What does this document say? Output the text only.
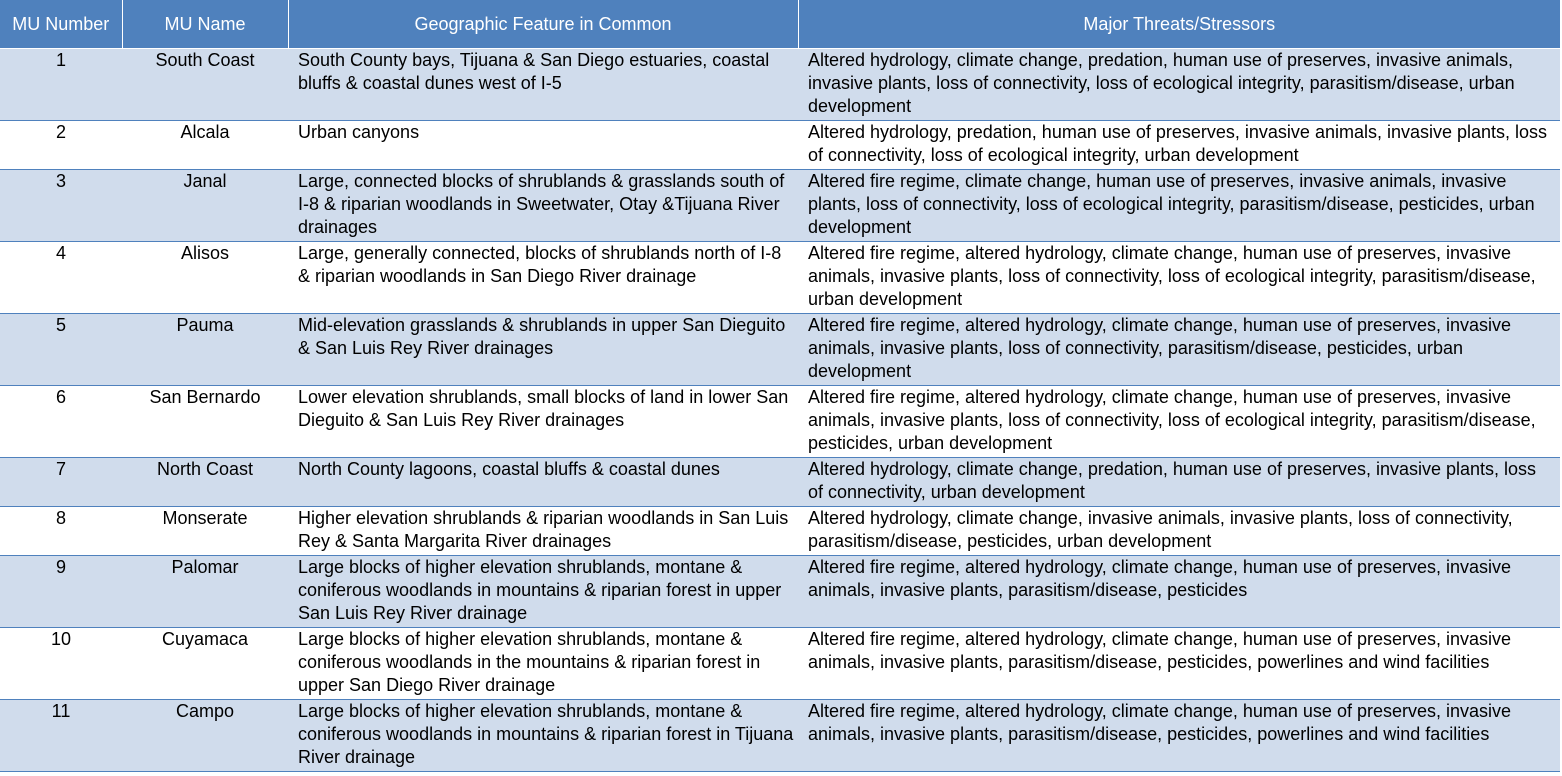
MU Number	MU Name	Geographic Feature in Common	Major Threats/Stressors
1	South Coast	South County bays, Tijuana & San Diego estuaries, coastal bluffs & coastal dunes west of I-5	Altered hydrology, climate change, predation, human use of preserves, invasive animals, invasive plants, loss of connectivity, loss of ecological integrity, parasitism/disease, urban development
2	Alcala	Urban canyons	Altered hydrology, predation, human use of preserves, invasive animals, invasive plants, loss of connectivity, loss of ecological integrity, urban development
3	Janal	Large, connected blocks of shrublands & grasslands south of I-8 & riparian woodlands in Sweetwater, Otay &Tijuana River drainages	Altered fire regime, climate change, human use of preserves, invasive animals, invasive plants, loss of connectivity, loss of ecological integrity, parasitism/disease, pesticides, urban development
4	Alisos	Large, generally connected, blocks of shrublands north of I-8 & riparian woodlands in San Diego River drainage	Altered fire regime, altered hydrology, climate change, human use of preserves, invasive animals, invasive plants, loss of connectivity, loss of ecological integrity, parasitism/disease, urban development
5	Pauma	Mid-elevation grasslands & shrublands in upper San Dieguito & San Luis Rey River drainages	Altered fire regime, altered hydrology, climate change, human use of preserves, invasive animals, invasive plants, loss of connectivity, parasitism/disease, pesticides, urban development
6	San Bernardo	Lower elevation shrublands, small blocks of land in lower San Dieguito & San Luis Rey River drainages	Altered fire regime, altered hydrology, climate change, human use of preserves, invasive animals, invasive plants, loss of connectivity, loss of ecological integrity, parasitism/disease, pesticides, urban development
7	North Coast	North County lagoons, coastal bluffs & coastal dunes	Altered hydrology, climate change, predation, human use of preserves, invasive plants, loss of connectivity, urban development
8	Monserate	Higher elevation shrublands & riparian woodlands in San Luis Rey & Santa Margarita River drainages	Altered hydrology, climate change, invasive animals, invasive plants, loss of connectivity, parasitism/disease, pesticides, urban development
9	Palomar	Large blocks of higher elevation shrublands, montane & coniferous woodlands in mountains & riparian forest in upper San Luis Rey River drainage	Altered fire regime, altered hydrology, climate change, human use of preserves, invasive animals, invasive plants, parasitism/disease, pesticides
10	Cuyamaca	Large blocks of higher elevation shrublands, montane & coniferous woodlands in the mountains & riparian forest in upper San Diego River drainage	Altered fire regime, altered hydrology, climate change, human use of preserves, invasive animals, invasive plants, parasitism/disease, pesticides, powerlines and wind facilities
11	Campo	Large blocks of higher elevation shrublands, montane & coniferous woodlands in mountains & riparian forest in Tijuana River drainage	Altered fire regime, altered hydrology, climate change, human use of preserves, invasive animals, invasive plants, parasitism/disease, pesticides, powerlines and wind facilities
